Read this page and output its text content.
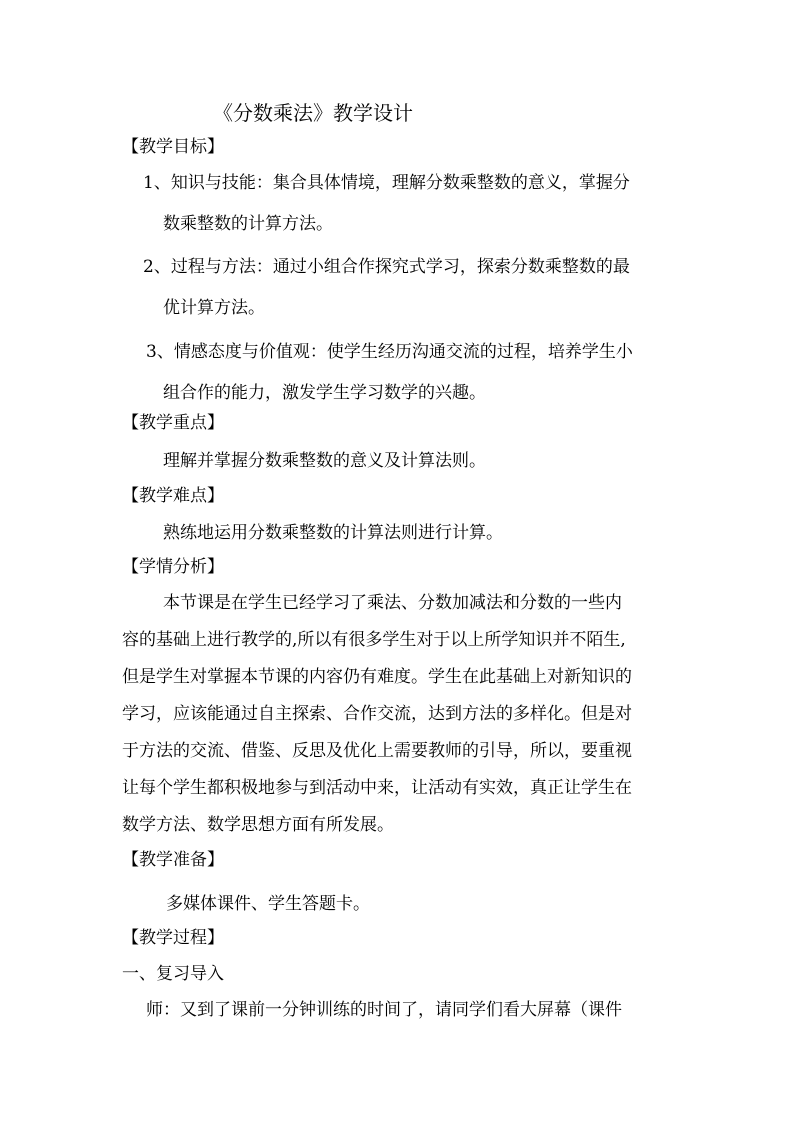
《分数乘法》教学设计
【教学目标】
1、知识与技能：集合具体情境，理解分数乘整数的意义，掌握分
数乘整数的计算方法。
2、过程与方法：通过小组合作探究式学习，探索分数乘整数的最
优计算方法。
3、情感态度与价值观：使学生经历沟通交流的过程，培养学生小
组合作的能力，激发学生学习数学的兴趣。
【教学重点】
理解并掌握分数乘整数的意义及计算法则。
【教学难点】
熟练地运用分数乘整数的计算法则进行计算。
【学情分析】
本节课是在学生已经学习了乘法、分数加减法和分数的一些内
容的基础上进行教学的,所以有很多学生对于以上所学知识并不陌生,
但是学生对掌握本节课的内容仍有难度。学生在此基础上对新知识的
学习，应该能通过自主探索、合作交流，达到方法的多样化。但是对
于方法的交流、借鉴、反思及优化上需要教师的引导，所以，要重视
让每个学生都积极地参与到活动中来，让活动有实效，真正让学生在
数学方法、数学思想方面有所发展。
【教学准备】
多媒体课件、学生答题卡。
【教学过程】
一、复习导入
师：又到了课前一分钟训练的时间了，请同学们看大屏幕（课件
